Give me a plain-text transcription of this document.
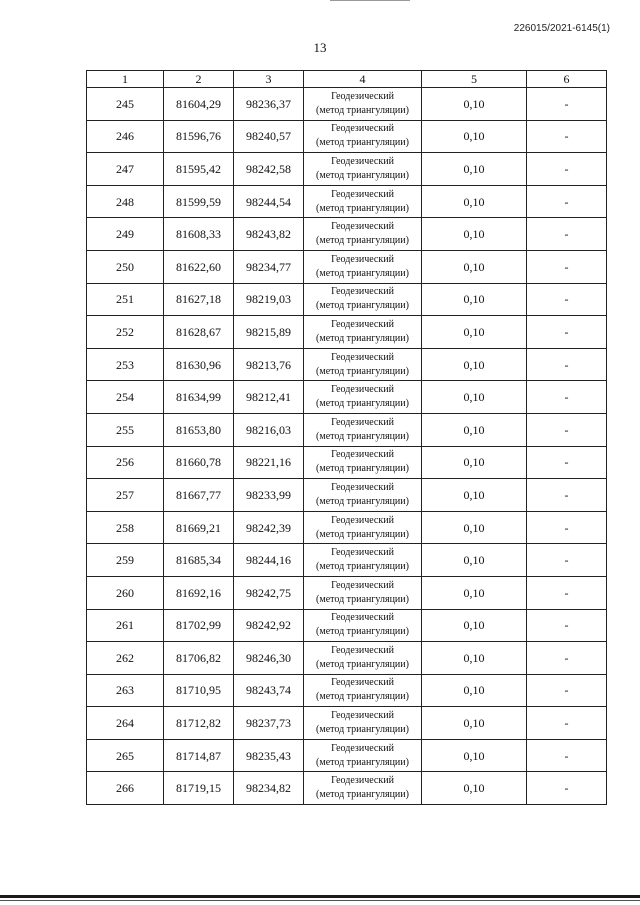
226015/2021-6145(1)
13
1	2	3	4	5	6
245	81604,29	98236,37	Геодезический
(метод триангуляции)	0,10	-
246	81596,76	98240,57	Геодезический
(метод триангуляции)	0,10	-
247	81595,42	98242,58	Геодезический
(метод триангуляции)	0,10	-
248	81599,59	98244,54	Геодезический
(метод триангуляции)	0,10	-
249	81608,33	98243,82	Геодезический
(метод триангуляции)	0,10	-
250	81622,60	98234,77	Геодезический
(метод триангуляции)	0,10	-
251	81627,18	98219,03	Геодезический
(метод триангуляции)	0,10	-
252	81628,67	98215,89	Геодезический
(метод триангуляции)	0,10	-
253	81630,96	98213,76	Геодезический
(метод триангуляции)	0,10	-
254	81634,99	98212,41	Геодезический
(метод триангуляции)	0,10	-
255	81653,80	98216,03	Геодезический
(метод триангуляции)	0,10	-
256	81660,78	98221,16	Геодезический
(метод триангуляции)	0,10	-
257	81667,77	98233,99	Геодезический
(метод триангуляции)	0,10	-
258	81669,21	98242,39	Геодезический
(метод триангуляции)	0,10	-
259	81685,34	98244,16	Геодезический
(метод триангуляции)	0,10	-
260	81692,16	98242,75	Геодезический
(метод триангуляции)	0,10	-
261	81702,99	98242,92	Геодезический
(метод триангуляции)	0,10	-
262	81706,82	98246,30	Геодезический
(метод триангуляции)	0,10	-
263	81710,95	98243,74	Геодезический
(метод триангуляции)	0,10	-
264	81712,82	98237,73	Геодезический
(метод триангуляции)	0,10	-
265	81714,87	98235,43	Геодезический
(метод триангуляции)	0,10	-
266	81719,15	98234,82	Геодезический
(метод триангуляции)	0,10	-
